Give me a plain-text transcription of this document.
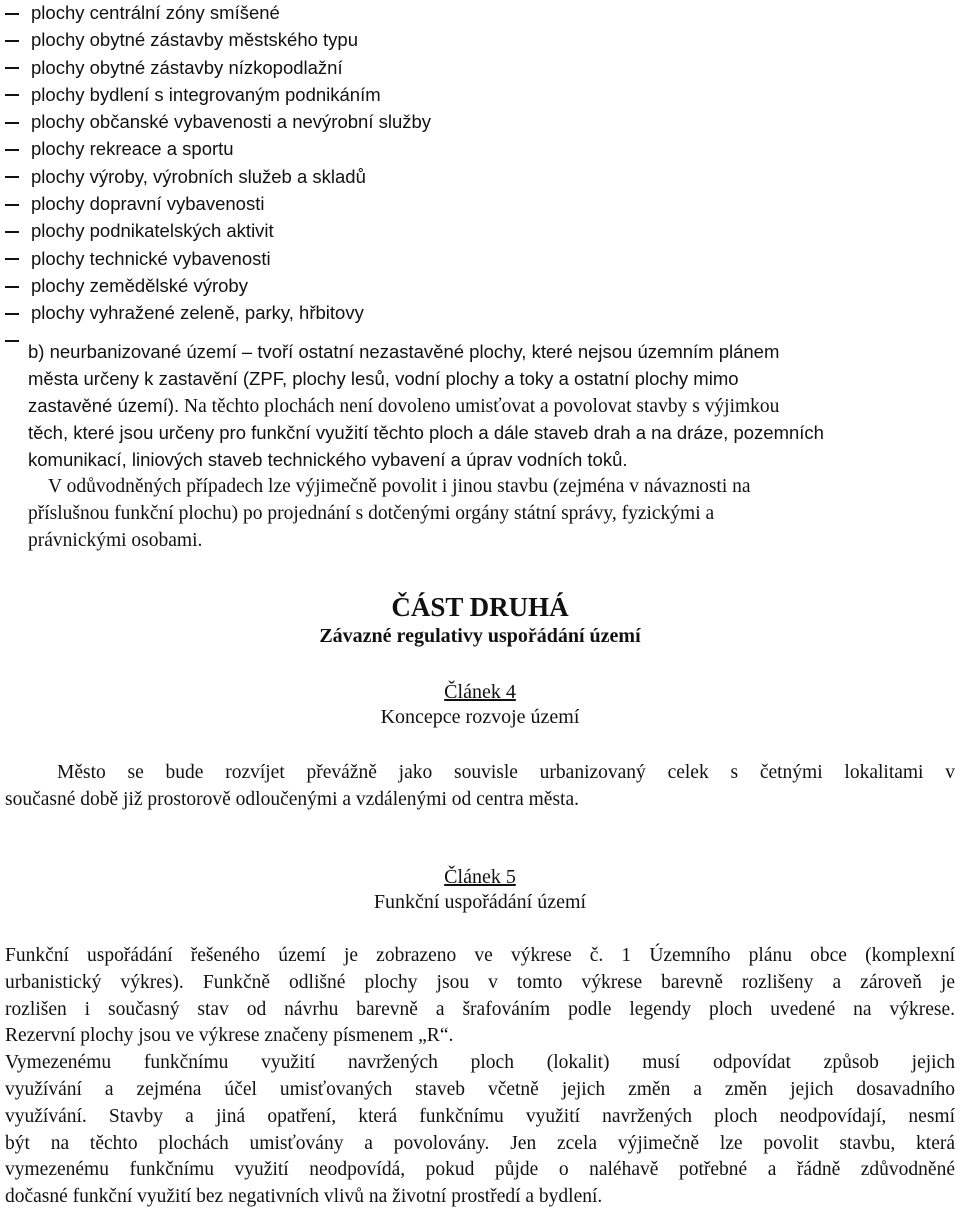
plochy centrální zóny smíšené
plochy obytné zástavby městského typu
plochy obytné zástavby nízkopodlažní
plochy bydlení s integrovaným podnikáním
plochy občanské vybavenosti a nevýrobní služby
plochy rekreace a sportu
plochy výroby, výrobních služeb a skladů
plochy dopravní vybavenosti
plochy podnikatelských aktivit
plochy technické vybavenosti
plochy zemědělské výroby
plochy vyhražené zeleně, parky, hřbitovy
b) neurbanizované území – tvoří ostatní nezastavěné plochy, které nejsou územním plánem
města určeny k zastavění (ZPF, plochy lesů, vodní plochy a toky a ostatní plochy mimo
zastavěné území). Na těchto plochách není dovoleno umisťovat a povolovat stavby s výjimkou
těch, které jsou určeny pro funkční využití těchto ploch a dále staveb drah a na dráze, pozemních
komunikací, liniových staveb technického vybavení a úprav vodních toků.
V odůvodněných případech lze výjimečně povolit i jinou stavbu (zejména v návaznosti na
příslušnou funkční plochu) po projednání s dotčenými orgány státní správy, fyzickými a
právnickými osobami.
ČÁST DRUHÁ
Závazné regulativy uspořádání území
Článek 4
Koncepce rozvoje území
Město se bude rozvíjet převážně jako souvisle urbanizovaný celek s četnými lokalitami v
současné době již prostorově odloučenými a vzdálenými od centra města.
Článek 5
Funkční uspořádání území
Funkční uspořádání řešeného území je zobrazeno ve výkrese č. 1 Územního plánu obce (komplexní
urbanistický výkres). Funkčně odlišné plochy jsou v tomto výkrese barevně rozlišeny a zároveň je
rozlišen i současný stav od návrhu barevně a šrafováním podle legendy ploch uvedené na výkrese.
Rezervní plochy jsou ve výkrese značeny písmenem „R“.
Vymezenému funkčnímu využití navržených ploch (lokalit) musí odpovídat způsob jejich
využívání a zejména účel umisťovaných staveb včetně jejich změn a změn jejich dosavadního
využívání. Stavby a jiná opatření, která funkčnímu využití navržených ploch neodpovídají, nesmí
být na těchto plochách umisťovány a povolovány. Jen zcela výjimečně lze povolit stavbu, která
vymezenému funkčnímu využití neodpovídá, pokud půjde o naléhavě potřebné a řádně zdůvodněné
dočasné funkční využití bez negativních vlivů na životní prostředí a bydlení.
